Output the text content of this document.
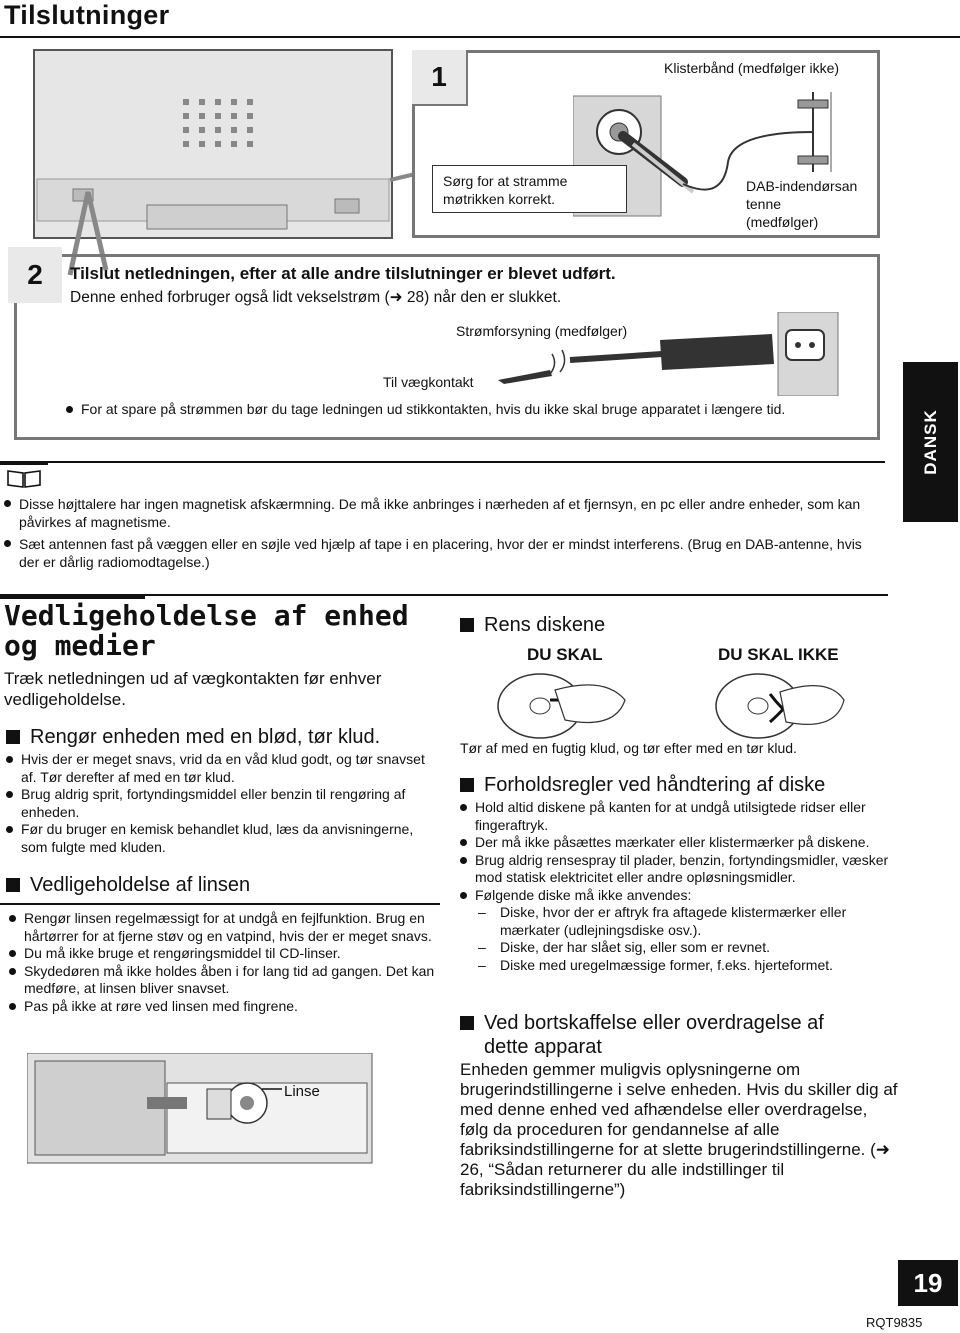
Tilslutninger
1	Klisterbånd (medfølger ikke)
Sørg for at stramme møtrikken korrekt.
DAB-indendørsan
tenne
(medfølger)
2	Tilslut netledningen, efter at alle andre tilslutninger er blevet udført.
Denne enhed forbruger også lidt vekselstrøm (➜ 28) når den er slukket.
Strømforsyning (medfølger)
Til vægkontakt
For at spare på strømmen bør du tage ledningen ud stikkontakten, hvis du ikke skal bruge apparatet i længere tid.
DANSK
Disse højttalere har ingen magnetisk afskærmning. De må ikke anbringes i nærheden af et fjernsyn, en pc eller andre enheder, som kan påvirkes af magnetisme.
Sæt antennen fast på væggen eller en søjle ved hjælp af tape i en placering, hvor der er mindst interferens. (Brug en DAB-antenne, hvis der er dårlig radiomodtagelse.)
Vedligeholdelse af enhed
og medier
Træk netledningen ud af vægkontakten før enhver vedligeholdelse.
Rengør enheden med en blød, tør klud.
Hvis der er meget snavs, vrid da en våd klud godt, og tør snavset af. Tør derefter af med en tør klud.
Brug aldrig sprit, fortyndingsmiddel eller benzin til rengøring af enheden.
Før du bruger en kemisk behandlet klud, læs da anvisningerne, som fulgte med kluden.
Vedligeholdelse af linsen
Rengør linsen regelmæssigt for at undgå en fejlfunktion. Brug en hårtørrer for at fjerne støv og en vatpind, hvis der er meget snavs.
Du må ikke bruge et rengøringsmiddel til CD-linser.
Skydedøren må ikke holdes åben i for lang tid ad gangen. Det kan medføre, at linsen bliver snavset.
Pas på ikke at røre ved linsen med fingrene.
Linse
Rens diskene
DU SKAL	DU SKAL IKKE
Tør af med en fugtig klud, og tør efter med en tør klud.
Forholdsregler ved håndtering af diske
Hold altid diskene på kanten for at undgå utilsigtede ridser eller fingeraftryk.
Der må ikke påsættes mærkater eller klistermærker på diskene.
Brug aldrig rensespray til plader, benzin, fortyndingsmidler, væsker mod statisk elektricitet eller andre opløsningsmidler.
Følgende diske må ikke anvendes:
–	Diske, hvor der er aftryk fra aftagede klistermærker eller mærkater (udlejningsdiske osv.).
–	Diske, der har slået sig, eller som er revnet.
–	Diske med uregelmæssige former, f.eks. hjerteformet.
Ved bortskaffelse eller overdragelse af
dette apparat
Enheden gemmer muligvis oplysningerne om brugerindstillingerne i selve enheden. Hvis du skiller dig af med denne enhed ved afhændelse eller overdragelse, følg da proceduren for gendannelse af alle fabriksindstillingerne for at slette brugerindstillingerne. (➜ 26, “Sådan returnerer du alle indstillinger til fabriksindstillingerne”)
19
RQT9835
